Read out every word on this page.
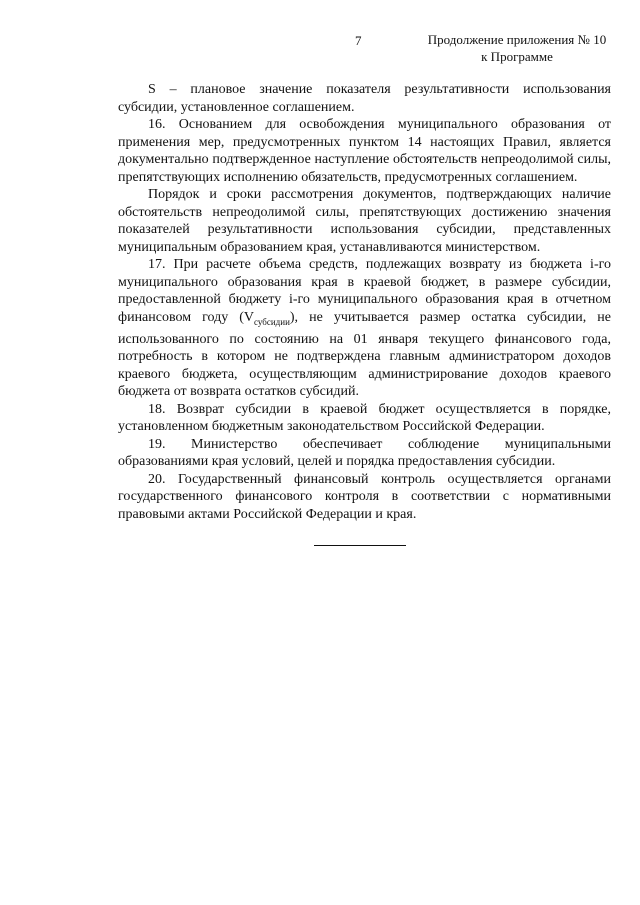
7	Продолжение приложения № 10
к Программе

S – плановое значение показателя результативности использования субсидии, установленное соглашением.

16. Основанием для освобождения муниципального образования от применения мер, предусмотренных пунктом 14 настоящих Правил, является документально подтвержденное наступление обстоятельств непреодолимой силы, препятствующих исполнению обязательств, предусмотренных соглашением.

Порядок и сроки рассмотрения документов, подтверждающих наличие обстоятельств непреодолимой силы, препятствующих достижению значения показателей результативности использования субсидии, представленных муниципальным образованием края, устанавливаются министерством.

17. При расчете объема средств, подлежащих возврату из бюджета i-го муниципального образования края в краевой бюджет, в размере субсидии, предоставленной бюджету i-го муниципального образования края в отчетном финансовом году $(V_{субсидии})$, не учитывается размер остатка субсидии, не использованного по состоянию на 01 января текущего финансового года, потребность в котором не подтверждена главным администратором доходов краевого бюджета, осуществляющим администрирование доходов краевого бюджета от возврата остатков субсидий.

18. Возврат субсидии в краевой бюджет осуществляется в порядке, установленном бюджетным законодательством Российской Федерации.

19. Министерство обеспечивает соблюдение муниципальными образованиями края условий, целей и порядка предоставления субсидии.

20. Государственный финансовый контроль осуществляется органами государственного финансового контроля в соответствии с нормативными правовыми актами Российской Федерации и края.
